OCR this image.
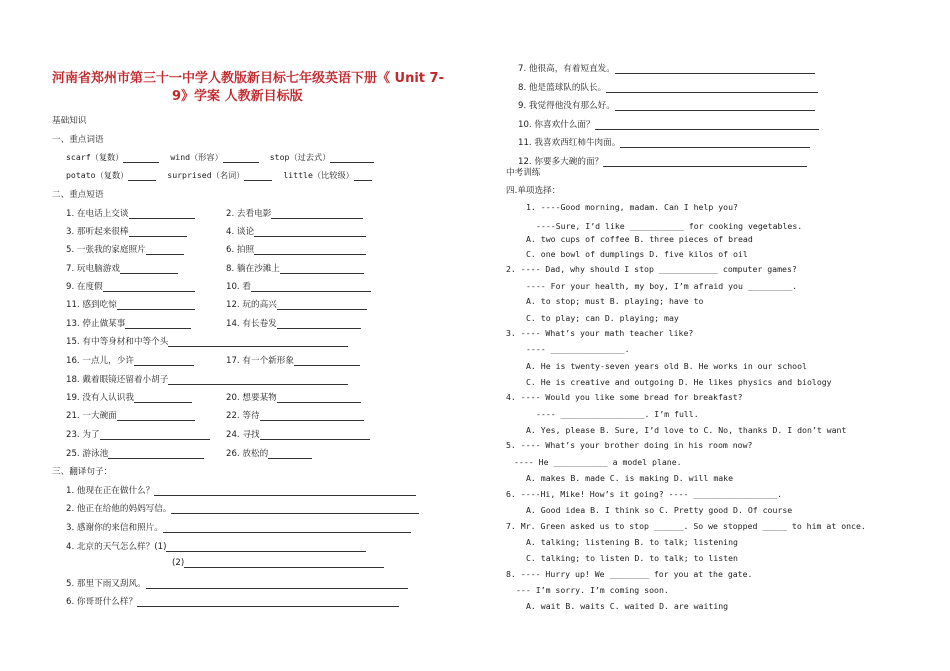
河南省郑州市第三十一中学人教版新目标七年级英语下册《 Unit 7-
9》学案 人教新目标版
基础知识
一、重点词语
scarf（复数）	wind（形容）	stop（过去式）
potato（复数）	surprised（名词）	little（比较级）
二、重点短语
1. 在电话上交谈	2. 去看电影
3. 那听起来很棒	4. 谈论
5. 一张我的家庭照片	6. 拍照
7. 玩电脑游戏	8. 躺在沙滩上
9. 在度假	10. 看
11. 感到吃惊	12. 玩的高兴
13. 停止做某事	14. 有长卷发
15. 有中等身材和中等个头
16. 一点儿，少许	17. 有一个新形象
18. 戴着眼镜还留着小胡子
19. 没有人认识我	20. 想要某物
21. 一大碗面	22. 等待
23. 为了	24. 寻找
25. 游泳池	26. 放松的
三、翻译句子：
1. 他现在正在做什么？
2. 他正在给他的妈妈写信。
3. 感谢你的来信和照片。
4. 北京的天气怎么样？(1)
(2)
5. 那里下雨又刮风。
6. 你哥哥什么样？
7. 他很高，有着短直发。
8. 他是篮球队的队长。
9. 我觉得他没有那么好。
10. 你喜欢什么面？
11. 我喜欢西红柿牛肉面。
12. 你要多大碗的面？
中考训练
四.单项选择：
1. ----Good morning, madam. Can I help you?
----Sure, I’d like ___________ for cooking vegetables.
A. two cups of coffee B. three pieces of bread
C. one bowl of dumplings D. five kilos of oil
2. ---- Dad, why should I stop ____________ computer games?
---- For your health, my boy, I’m afraid you _________.
A. to stop; must B. playing; have to
C. to play; can D. playing; may
3. ---- What’s your math teacher like?
---- _______________.
A. He is twenty-seven years old B. He works in our school
C. He is creative and outgoing D. He likes physics and biology
4. ---- Would you like some bread for breakfast?
---- _________________. I’m full.
A. Yes, please B. Sure, I’d love to C. No, thanks D. I don’t want
5. ---- What’s your brother doing in his room now?
---- He ___________ a model plane.
A. makes B. made C. is making D. will make
6. ----Hi, Mike! How’s it going? ---- _________________.
A. Good idea B. I think so C. Pretty good D. Of course
7. Mr. Green asked us to stop ______. So we stopped _____ to him at once.
A. talking; listening B. to talk; listening
C. talking; to listen D. to talk; to listen
8. ---- Hurry up! We ________ for you at the gate.
--- I’m sorry. I’m coming soon.
A. wait B. waits C. waited D. are waiting
